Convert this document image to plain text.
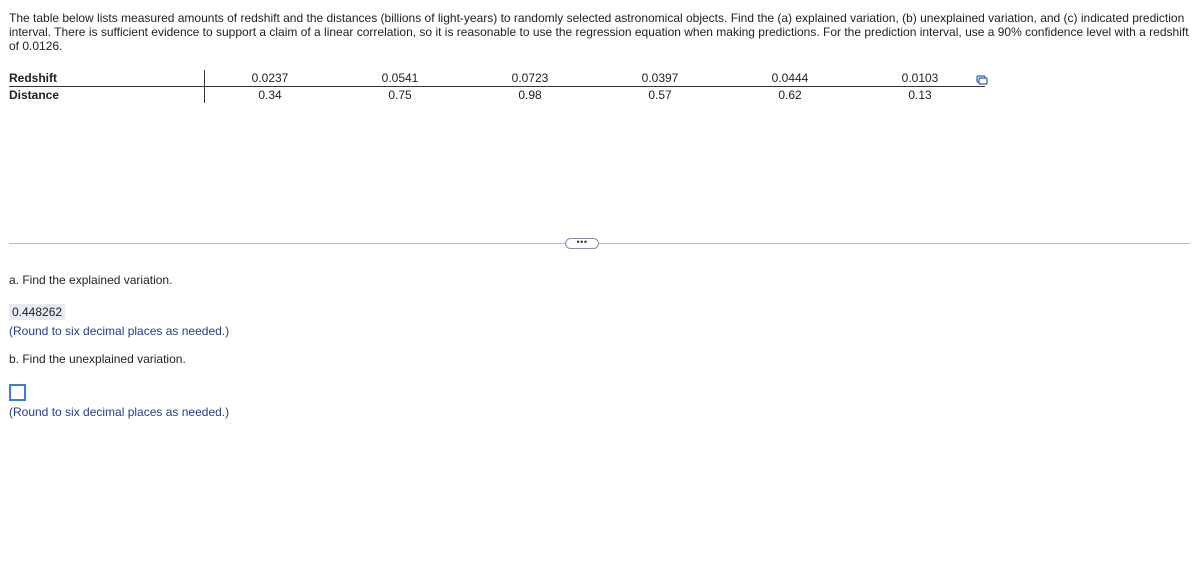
The table below lists measured amounts of redshift and the distances (billions of light-years) to randomly selected astronomical objects. Find the (a) explained variation, (b) unexplained variation, and (c) indicated prediction interval. There is sufficient evidence to support a claim of a linear correlation, so it is reasonable to use the regression equation when making predictions. For the prediction interval, use a 90% confidence level with a redshift of 0.0126.

Redshift	0.0237	0.0541	0.0723	0.0397	0.0444	0.0103
Distance	0.34	0.75	0.98	0.57	0.62	0.13
•••
a. Find the explained variation.
0.448262
(Round to six decimal places as needed.)
b. Find the unexplained variation.
(Round to six decimal places as needed.)
